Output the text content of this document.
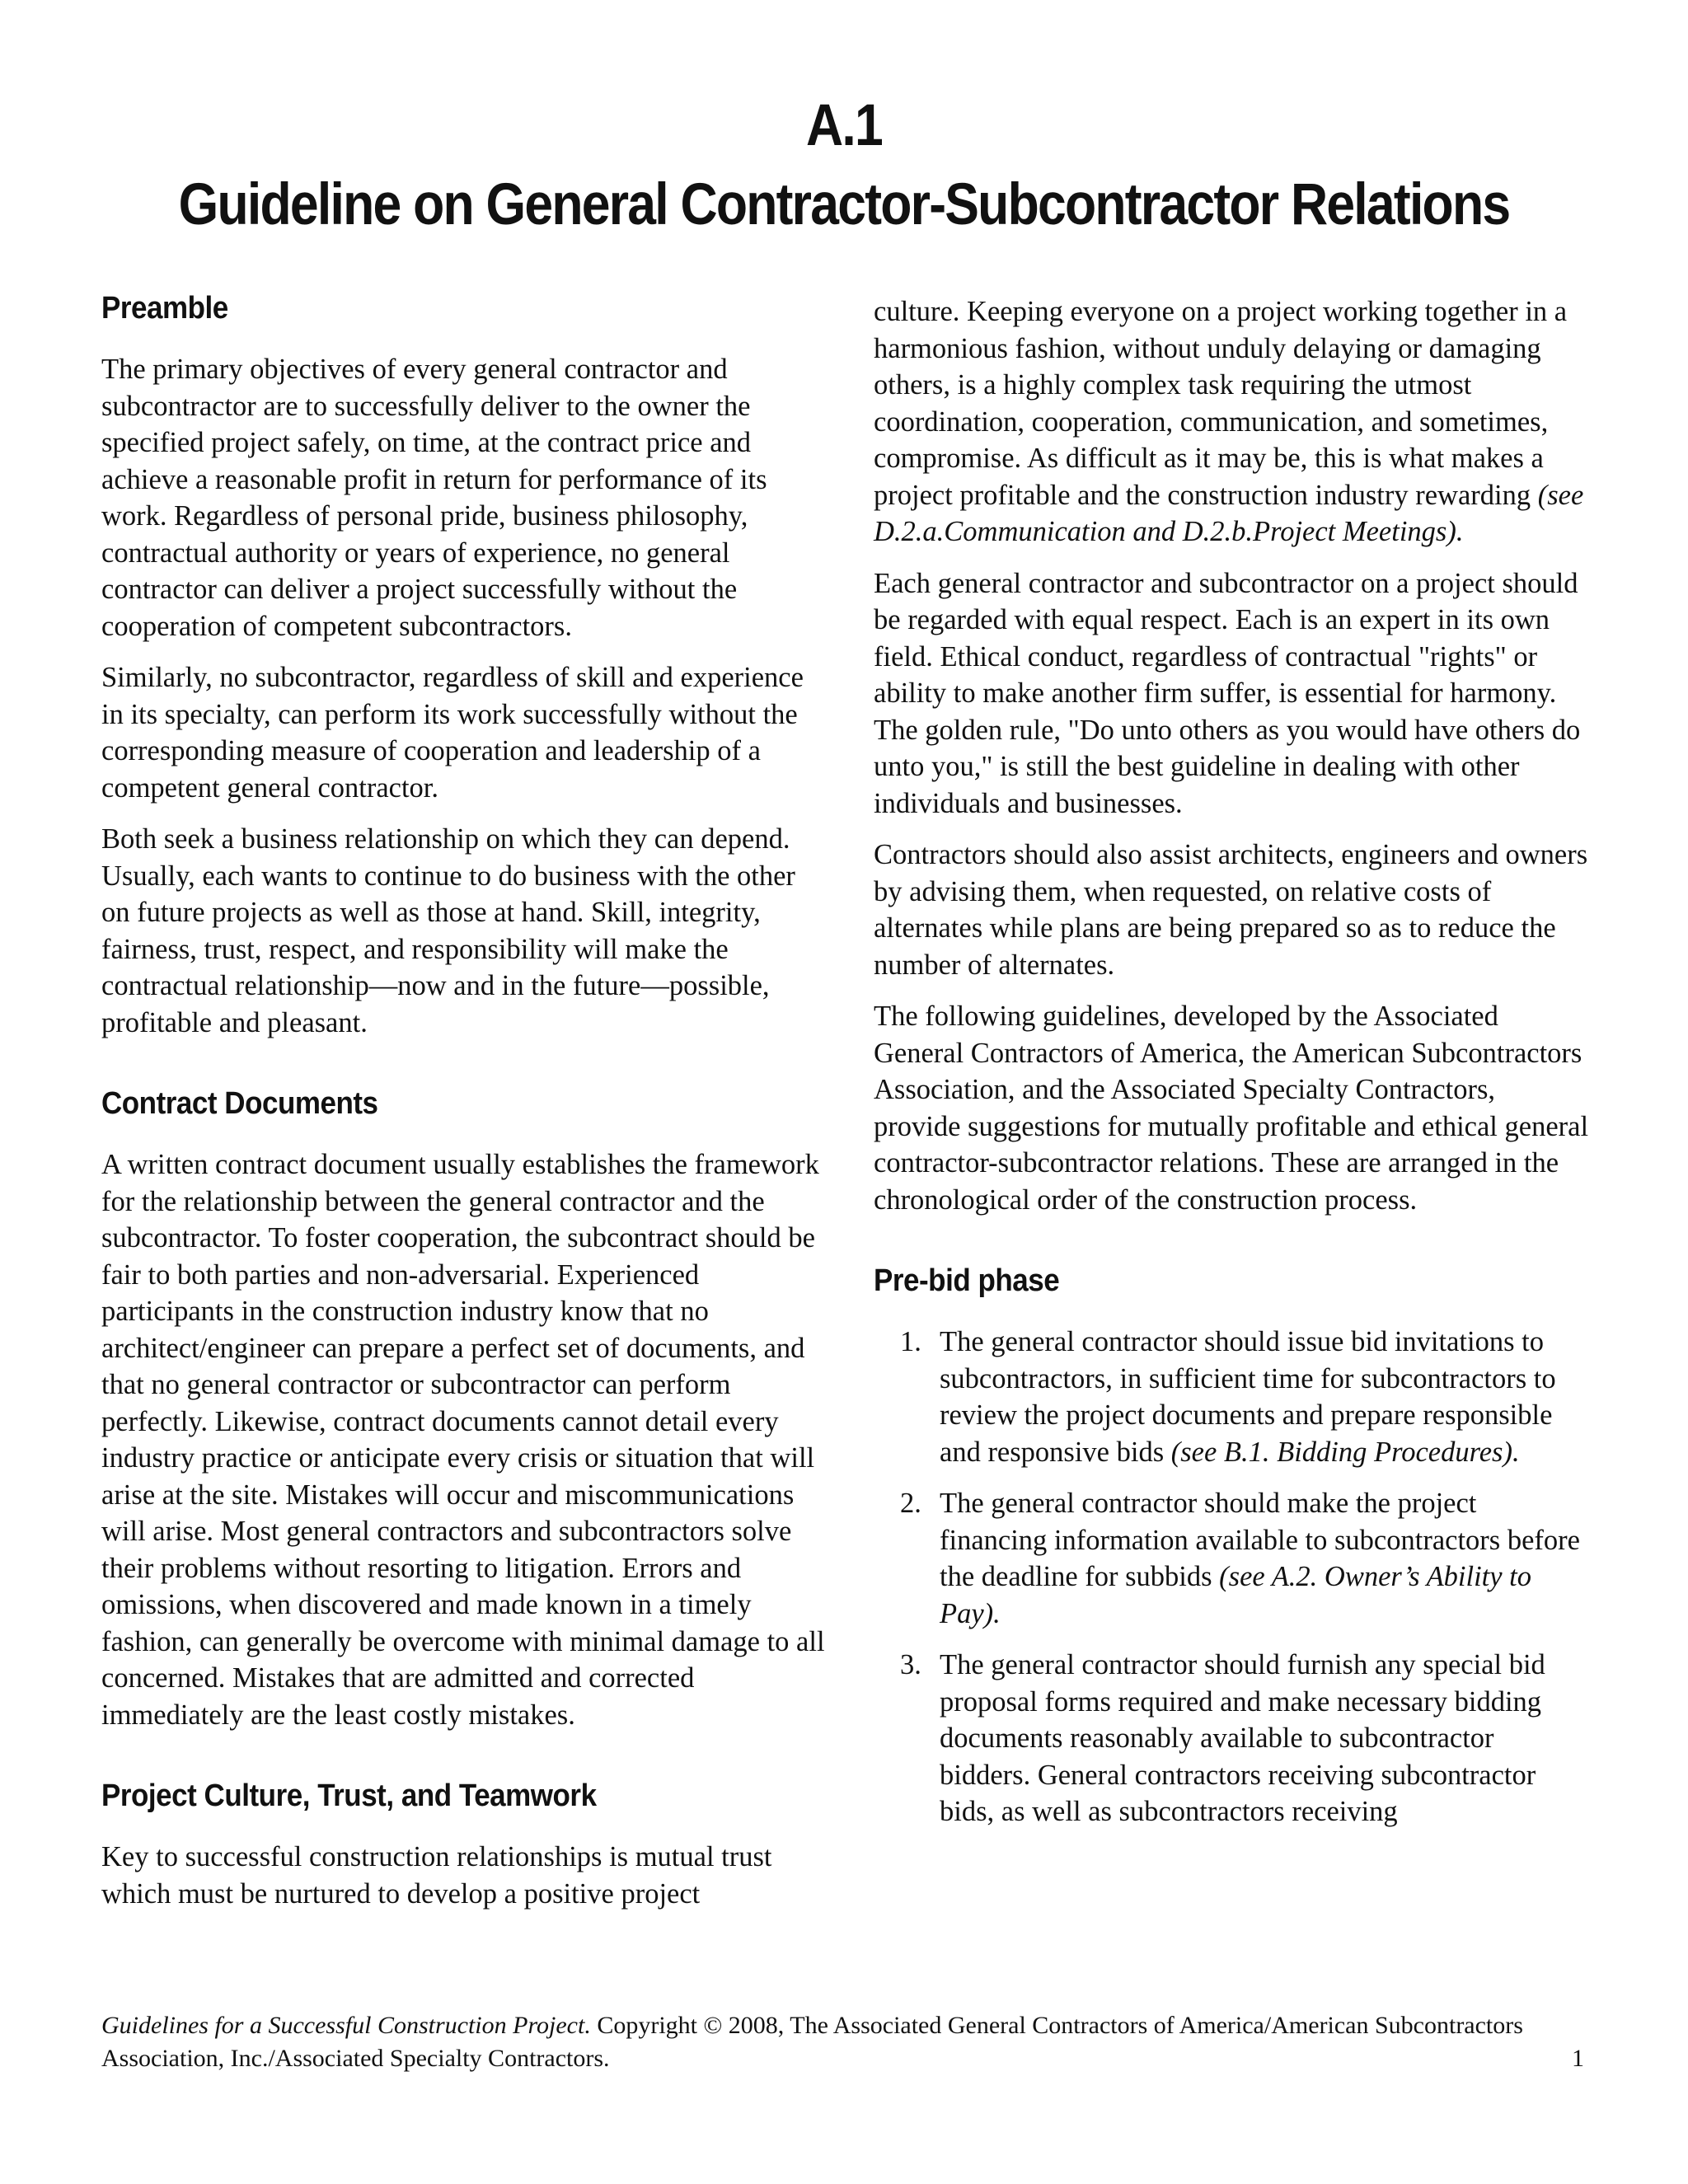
A.1
Guideline on General Contractor-Subcontractor Relations
Preamble

The primary objectives of every general contractor and subcontractor are to successfully deliver to the owner the specified project safely, on time, at the contract price and achieve a reasonable profit in return for performance of its work. Regardless of personal pride, business philosophy, contractual authority or years of experience, no general contractor can deliver a project successfully without the cooperation of competent subcontractors.

Similarly, no subcontractor, regardless of skill and experience in its specialty, can perform its work successfully without the corresponding measure of cooperation and leadership of a competent general contractor.

Both seek a business relationship on which they can depend. Usually, each wants to continue to do business with the other on future projects as well as those at hand. Skill, integrity, fairness, trust, respect, and responsibility will make the contractual relationship—now and in the future—possible, profitable and pleasant.

Contract Documents

A written contract document usually establishes the framework for the relationship between the general contractor and the subcontractor. To foster cooperation, the subcontract should be fair to both parties and non-adversarial. Experienced participants in the construction industry know that no architect/engineer can prepare a perfect set of documents, and that no general contractor or subcontractor can perform perfectly. Likewise, contract documents cannot detail every industry practice or anticipate every crisis or situation that will arise at the site. Mistakes will occur and miscommunications will arise. Most general contractors and subcontractors solve their problems without resorting to litigation. Errors and omissions, when discovered and made known in a timely fashion, can generally be overcome with minimal damage to all concerned. Mistakes that are admitted and corrected immediately are the least costly mistakes.

Project Culture, Trust, and Teamwork

Key to successful construction relationships is mutual trust which must be nurtured to develop a positive project

culture. Keeping everyone on a project working together in a harmonious fashion, without unduly delaying or damaging others, is a highly complex task requiring the utmost coordination, cooperation, communication, and sometimes, compromise. As difficult as it may be, this is what makes a project profitable and the construction industry rewarding (see D.2.a.Communication and D.2.b.Project Meetings).

Each general contractor and subcontractor on a project should be regarded with equal respect. Each is an expert in its own field. Ethical conduct, regardless of contractual "rights" or ability to make another firm suffer, is essential for harmony. The golden rule, "Do unto others as you would have others do unto you," is still the best guideline in dealing with other individuals and businesses.

Contractors should also assist architects, engineers and owners by advising them, when requested, on relative costs of alternates while plans are being prepared so as to reduce the number of alternates.

The following guidelines, developed by the Associated General Contractors of America, the American Subcontractors Association, and the Associated Specialty Contractors, provide suggestions for mutually profitable and ethical general contractor-subcontractor relations. These are arranged in the chronological order of the construction process.

Pre-bid phase
1. The general contractor should issue bid invitations to subcontractors, in sufficient time for subcontractors to review the project documents and prepare responsible and responsive bids (see B.1. Bidding Procedures).
2. The general contractor should make the project financing information available to subcontractors before the deadline for subbids (see A.2. Owner’s Ability to Pay).
3. The general contractor should furnish any special bid proposal forms required and make necessary bidding documents reasonably available to subcontractor bidders. General contractors receiving subcontractor bids, as well as subcontractors receiving
Guidelines for a Successful Construction Project. Copyright © 2008, The Associated General Contractors of America/American Subcontractors Association, Inc./Associated Specialty Contractors.	1
